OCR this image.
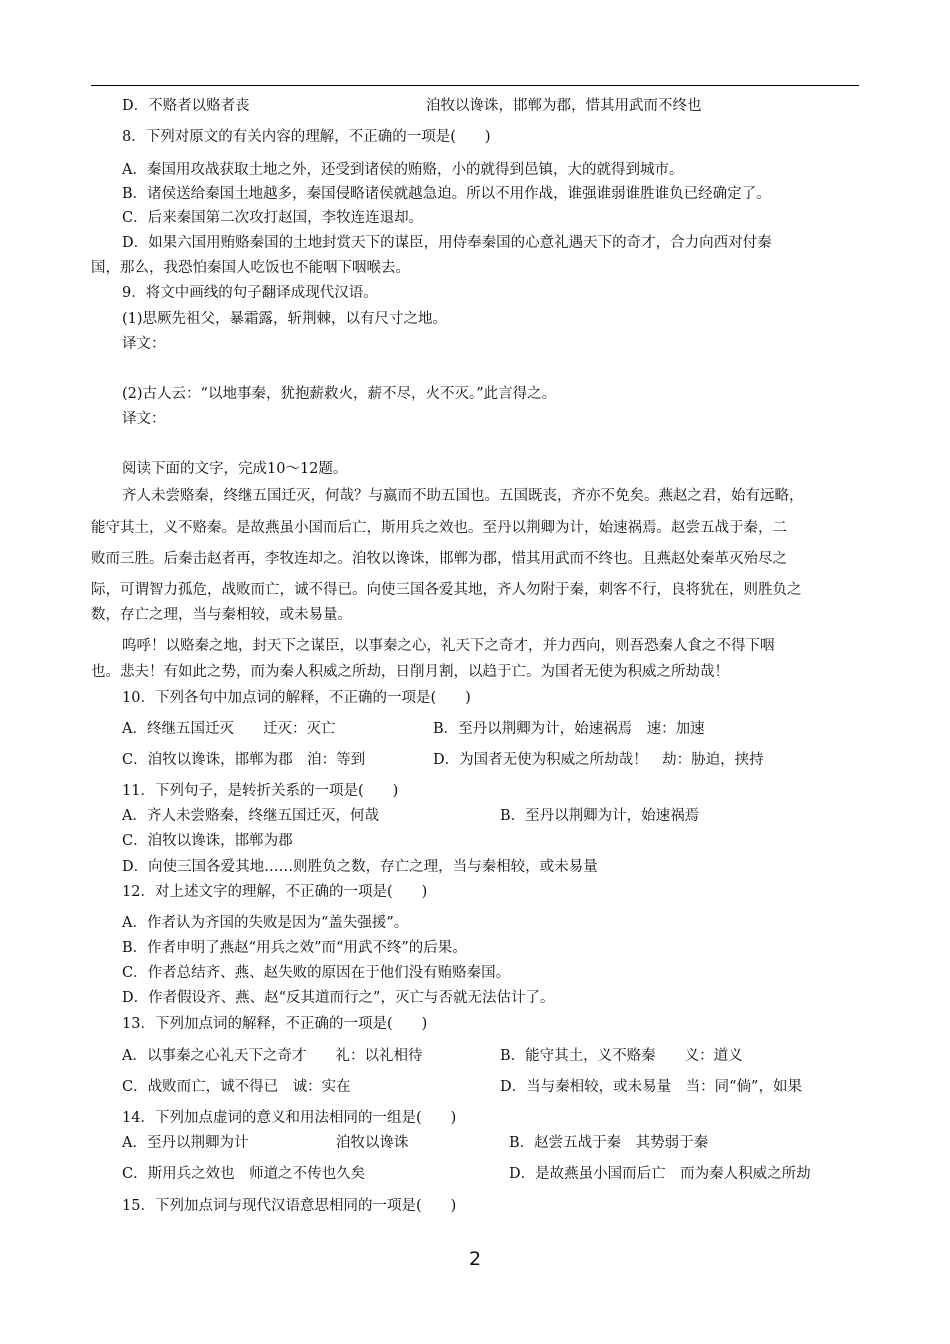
D．不赂者以赂者丧	洎牧以谗诛，邯郸为郡，惜其用武而不终也
8．下列对原文的有关内容的理解，不正确的一项是(　　)
A．秦国用攻战获取土地之外，还受到诸侯的贿赂，小的就得到邑镇，大的就得到城市。
B．诸侯送给秦国土地越多，秦国侵略诸侯就越急迫。所以不用作战，谁强谁弱谁胜谁负已经确定了。
C．后来秦国第二次攻打赵国，李牧连连退却。
D．如果六国用贿赂秦国的土地封赏天下的谋臣，用侍奉秦国的心意礼遇天下的奇才，合力向西对付秦
国，那么，我恐怕秦国人吃饭也不能咽下咽喉去。
9．将文中画线的句子翻译成现代汉语。
(1)思厥先祖父，暴霜露，斩荆棘，以有尺寸之地。
译文：
(2)古人云：“以地事秦，犹抱薪救火，薪不尽，火不灭。”此言得之。
译文：
阅读下面的文字，完成10～12题。
齐人未尝赂秦，终继五国迁灭，何哉？与嬴而不助五国也。五国既丧，齐亦不免矣。燕赵之君，始有远略，
能守其土，义不赂秦。是故燕虽小国而后亡，斯用兵之效也。至丹以荆卿为计，始速祸焉。赵尝五战于秦，二
败而三胜。后秦击赵者再，李牧连却之。洎牧以谗诛，邯郸为郡，惜其用武而不终也。且燕赵处秦革灭殆尽之
际，可谓智力孤危，战败而亡，诚不得已。向使三国各爱其地，齐人勿附于秦，刺客不行，良将犹在，则胜负之
数，存亡之理，当与秦相较，或未易量。
呜呼！以赂秦之地，封天下之谋臣，以事秦之心，礼天下之奇才，并力西向，则吾恐秦人食之不得下咽
也。悲夫！有如此之势，而为秦人积威之所劫，日削月割，以趋于亡。为国者无使为积威之所劫哉！
10．下列各句中加点词的解释，不正确的一项是(　　)
A．终继五国迁灭　　迁灭：灭亡	B．至丹以荆卿为计，始速祸焉　速：加速
C．洎牧以谗诛，邯郸为郡　洎：等到	D．为国者无使为积威之所劫哉！　劫：胁迫，挟持
11．下列句子，是转折关系的一项是(　　)
A．齐人未尝赂秦，终继五国迁灭，何哉	B．至丹以荆卿为计，始速祸焉
C．洎牧以谗诛，邯郸为郡
D．向使三国各爱其地……则胜负之数，存亡之理，当与秦相较，或未易量
12．对上述文字的理解，不正确的一项是(　　)
A．作者认为齐国的失败是因为“盖失强援”。
B．作者申明了燕赵“用兵之效”而“用武不终”的后果。
C．作者总结齐、燕、赵失败的原因在于他们没有贿赂秦国。
D．作者假设齐、燕、赵“反其道而行之”，灭亡与否就无法估计了。
13．下列加点词的解释，不正确的一项是(　　)
A．以事秦之心礼天下之奇才　　礼：以礼相待	B．能守其土，义不赂秦　　义：道义
C．战败而亡，诚不得已　诚：实在	D．当与秦相较，或未易量　当：同“倘”，如果
14．下列加点虚词的意义和用法相同的一组是(　　)
A．至丹以荆卿为计	洎牧以谗诛	B．赵尝五战于秦　其势弱于秦
C．斯用兵之效也　师道之不传也久矣	D．是故燕虽小国而后亡　而为秦人积威之所劫
15．下列加点词与现代汉语意思相同的一项是(　　)
2
